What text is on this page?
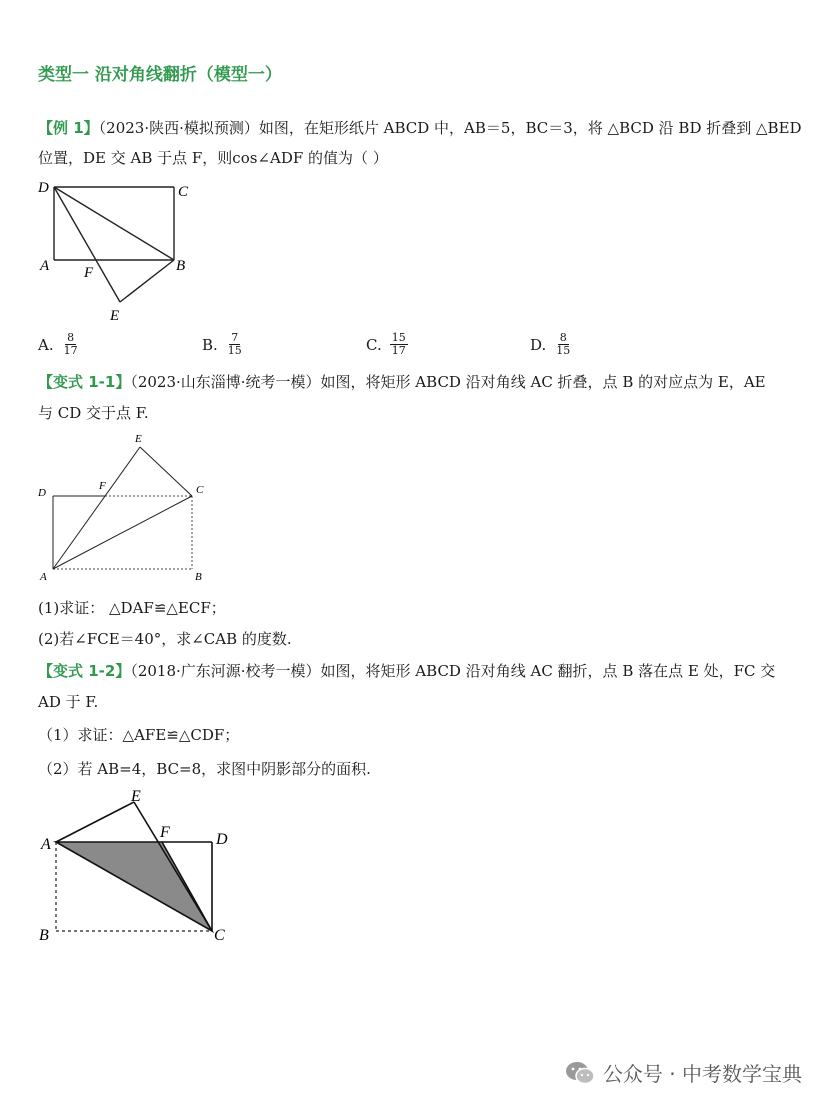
类型一 沿对角线翻折（模型一）
【例 1】（2023·陕西·模拟预测）如图，在矩形纸片 ABCD 中，AB＝5，BC＝3，将 △BCD 沿 BD 折叠到 △BED
位置，DE 交 AB 于点 F，则cos∠ADF 的值为（ ）
D	C
A	B
F
E
A. $\frac{8}{17}$	B. $\frac{7}{15}$	C. $\frac{15}{17}$	D. $\frac{8}{15}$
【变式 1-1】（2023·山东淄博·统考一模）如图，将矩形 ABCD 沿对角线 AC 折叠，点 B 的对应点为 E，AE
与 CD 交于点 F.
E
D
F	C
A	B
(1)求证： △DAF≌△ECF；
(2)若∠FCE＝40°，求∠CAB 的度数.
【变式 1-2】（2018·广东河源·校考一模）如图，将矩形 ABCD 沿对角线 AC 翻折，点 B 落在点 E 处，FC 交
AD 于 F.
（1）求证：△AFE≌△CDF；
（2）若 AB=4，BC=8，求图中阴影部分的面积.
E
F
A	D
B	C
公众号 · 中考数学宝典
